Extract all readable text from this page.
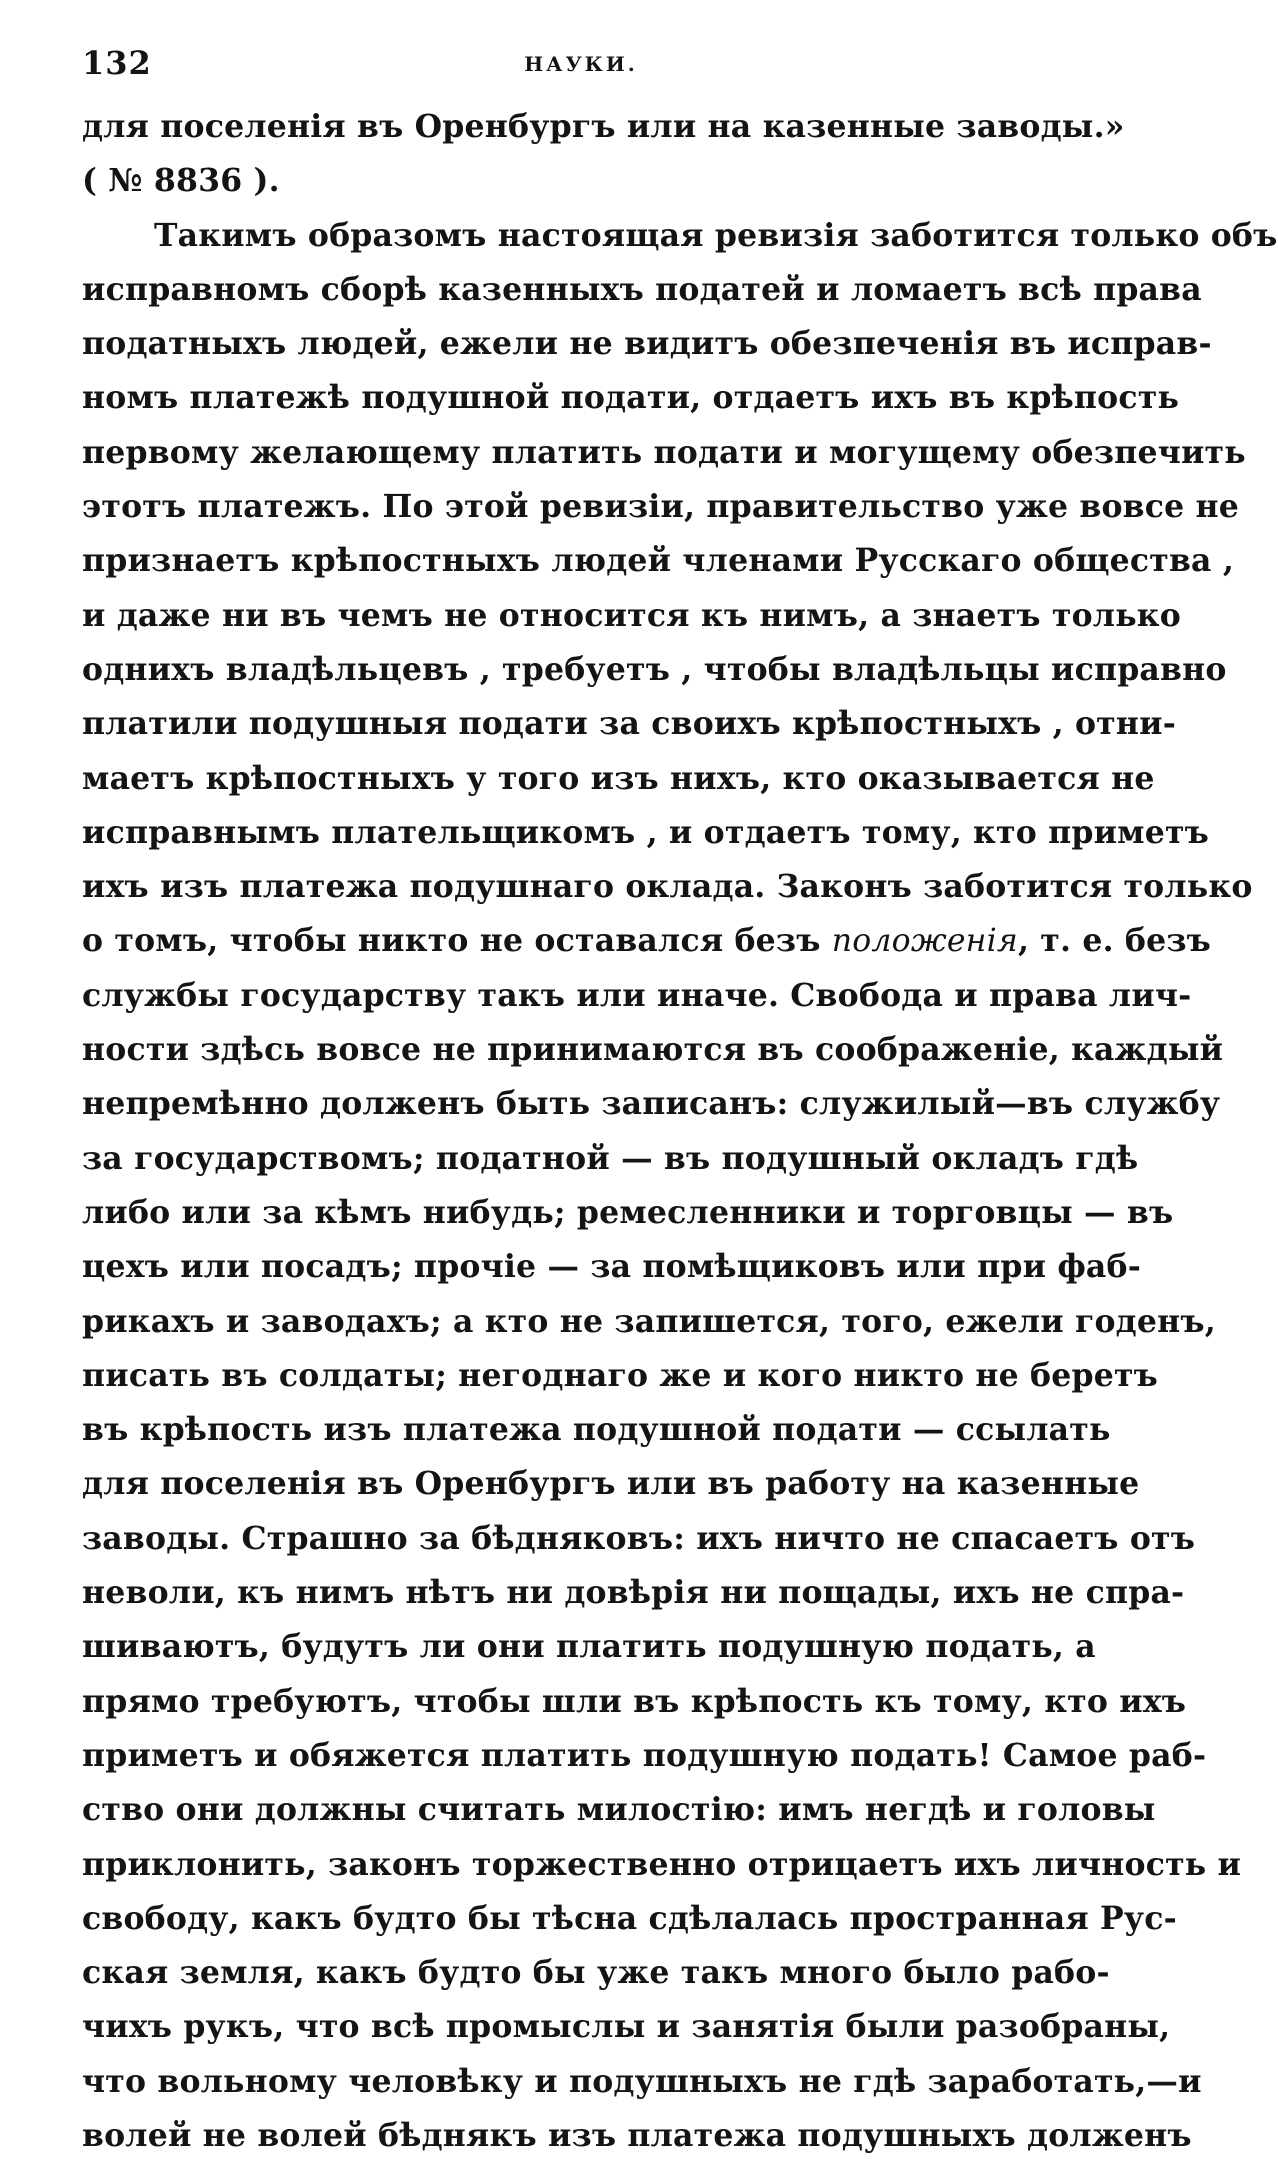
132	НАУКИ.
для поселенія въ Оренбургъ или на казенные заводы.»
( № 8836 ).
Такимъ образомъ настоящая ревизія заботится только объ
исправномъ сборѣ казенныхъ податей и ломаетъ всѣ права
податныхъ людей, ежели не видитъ обезпеченія въ исправ-
номъ платежѣ подушной подати, отдаетъ ихъ въ крѣпость
первому желающему платить подати и могущему обезпечить
этотъ платежъ. По этой ревизіи, правительство уже вовсе не
признаетъ крѣпостныхъ людей членами Русскаго общества ,
и даже ни въ чемъ не относится къ нимъ, а знаетъ только
однихъ владѣльцевъ , требуетъ , чтобы владѣльцы исправно
платили подушныя подати за своихъ крѣпостныхъ , отни-
маетъ крѣпостныхъ у того изъ нихъ, кто оказывается не
исправнымъ плательщикомъ , и отдаетъ тому, кто приметъ
ихъ изъ платежа подушнаго оклада. Законъ заботится только
о томъ, чтобы никто не оставался безъ положенія, т. е. безъ
службы государству такъ или иначе. Свобода и права лич-
ности здѣсь вовсе не принимаются въ соображеніе, каждый
непремѣнно долженъ быть записанъ: служилый—въ службу
за государствомъ; податной — въ подушный окладъ гдѣ
либо или за кѣмъ нибудь; ремесленники и торговцы — въ
цехъ или посадъ; прочіе — за помѣщиковъ или при фаб-
рикахъ и заводахъ; а кто не запишется, того, ежели годенъ,
писать въ солдаты; негоднаго же и кого никто не беретъ
въ крѣпость изъ платежа подушной подати — ссылать
для поселенія въ Оренбургъ или въ работу на казенные
заводы. Страшно за бѣдняковъ: ихъ ничто не спасаетъ отъ
неволи, къ нимъ нѣтъ ни довѣрія ни пощады, ихъ не спра-
шиваютъ, будутъ ли они платить подушную подать, а
прямо требуютъ, чтобы шли въ крѣпость къ тому, кто ихъ
приметъ и обяжется платить подушную подать! Самое раб-
ство они должны считать милостію: имъ негдѣ и головы
приклонить, законъ торжественно отрицаетъ ихъ личность и
свободу, какъ будто бы тѣсна сдѣлалась пространная Рус-
ская земля, какъ будто бы уже такъ много было рабо-
чихъ рукъ, что всѣ промыслы и занятія были разобраны,
что вольному человѣку и подушныхъ не гдѣ заработать,—и
волей не волей бѣднякъ изъ платежа подушныхъ долженъ
